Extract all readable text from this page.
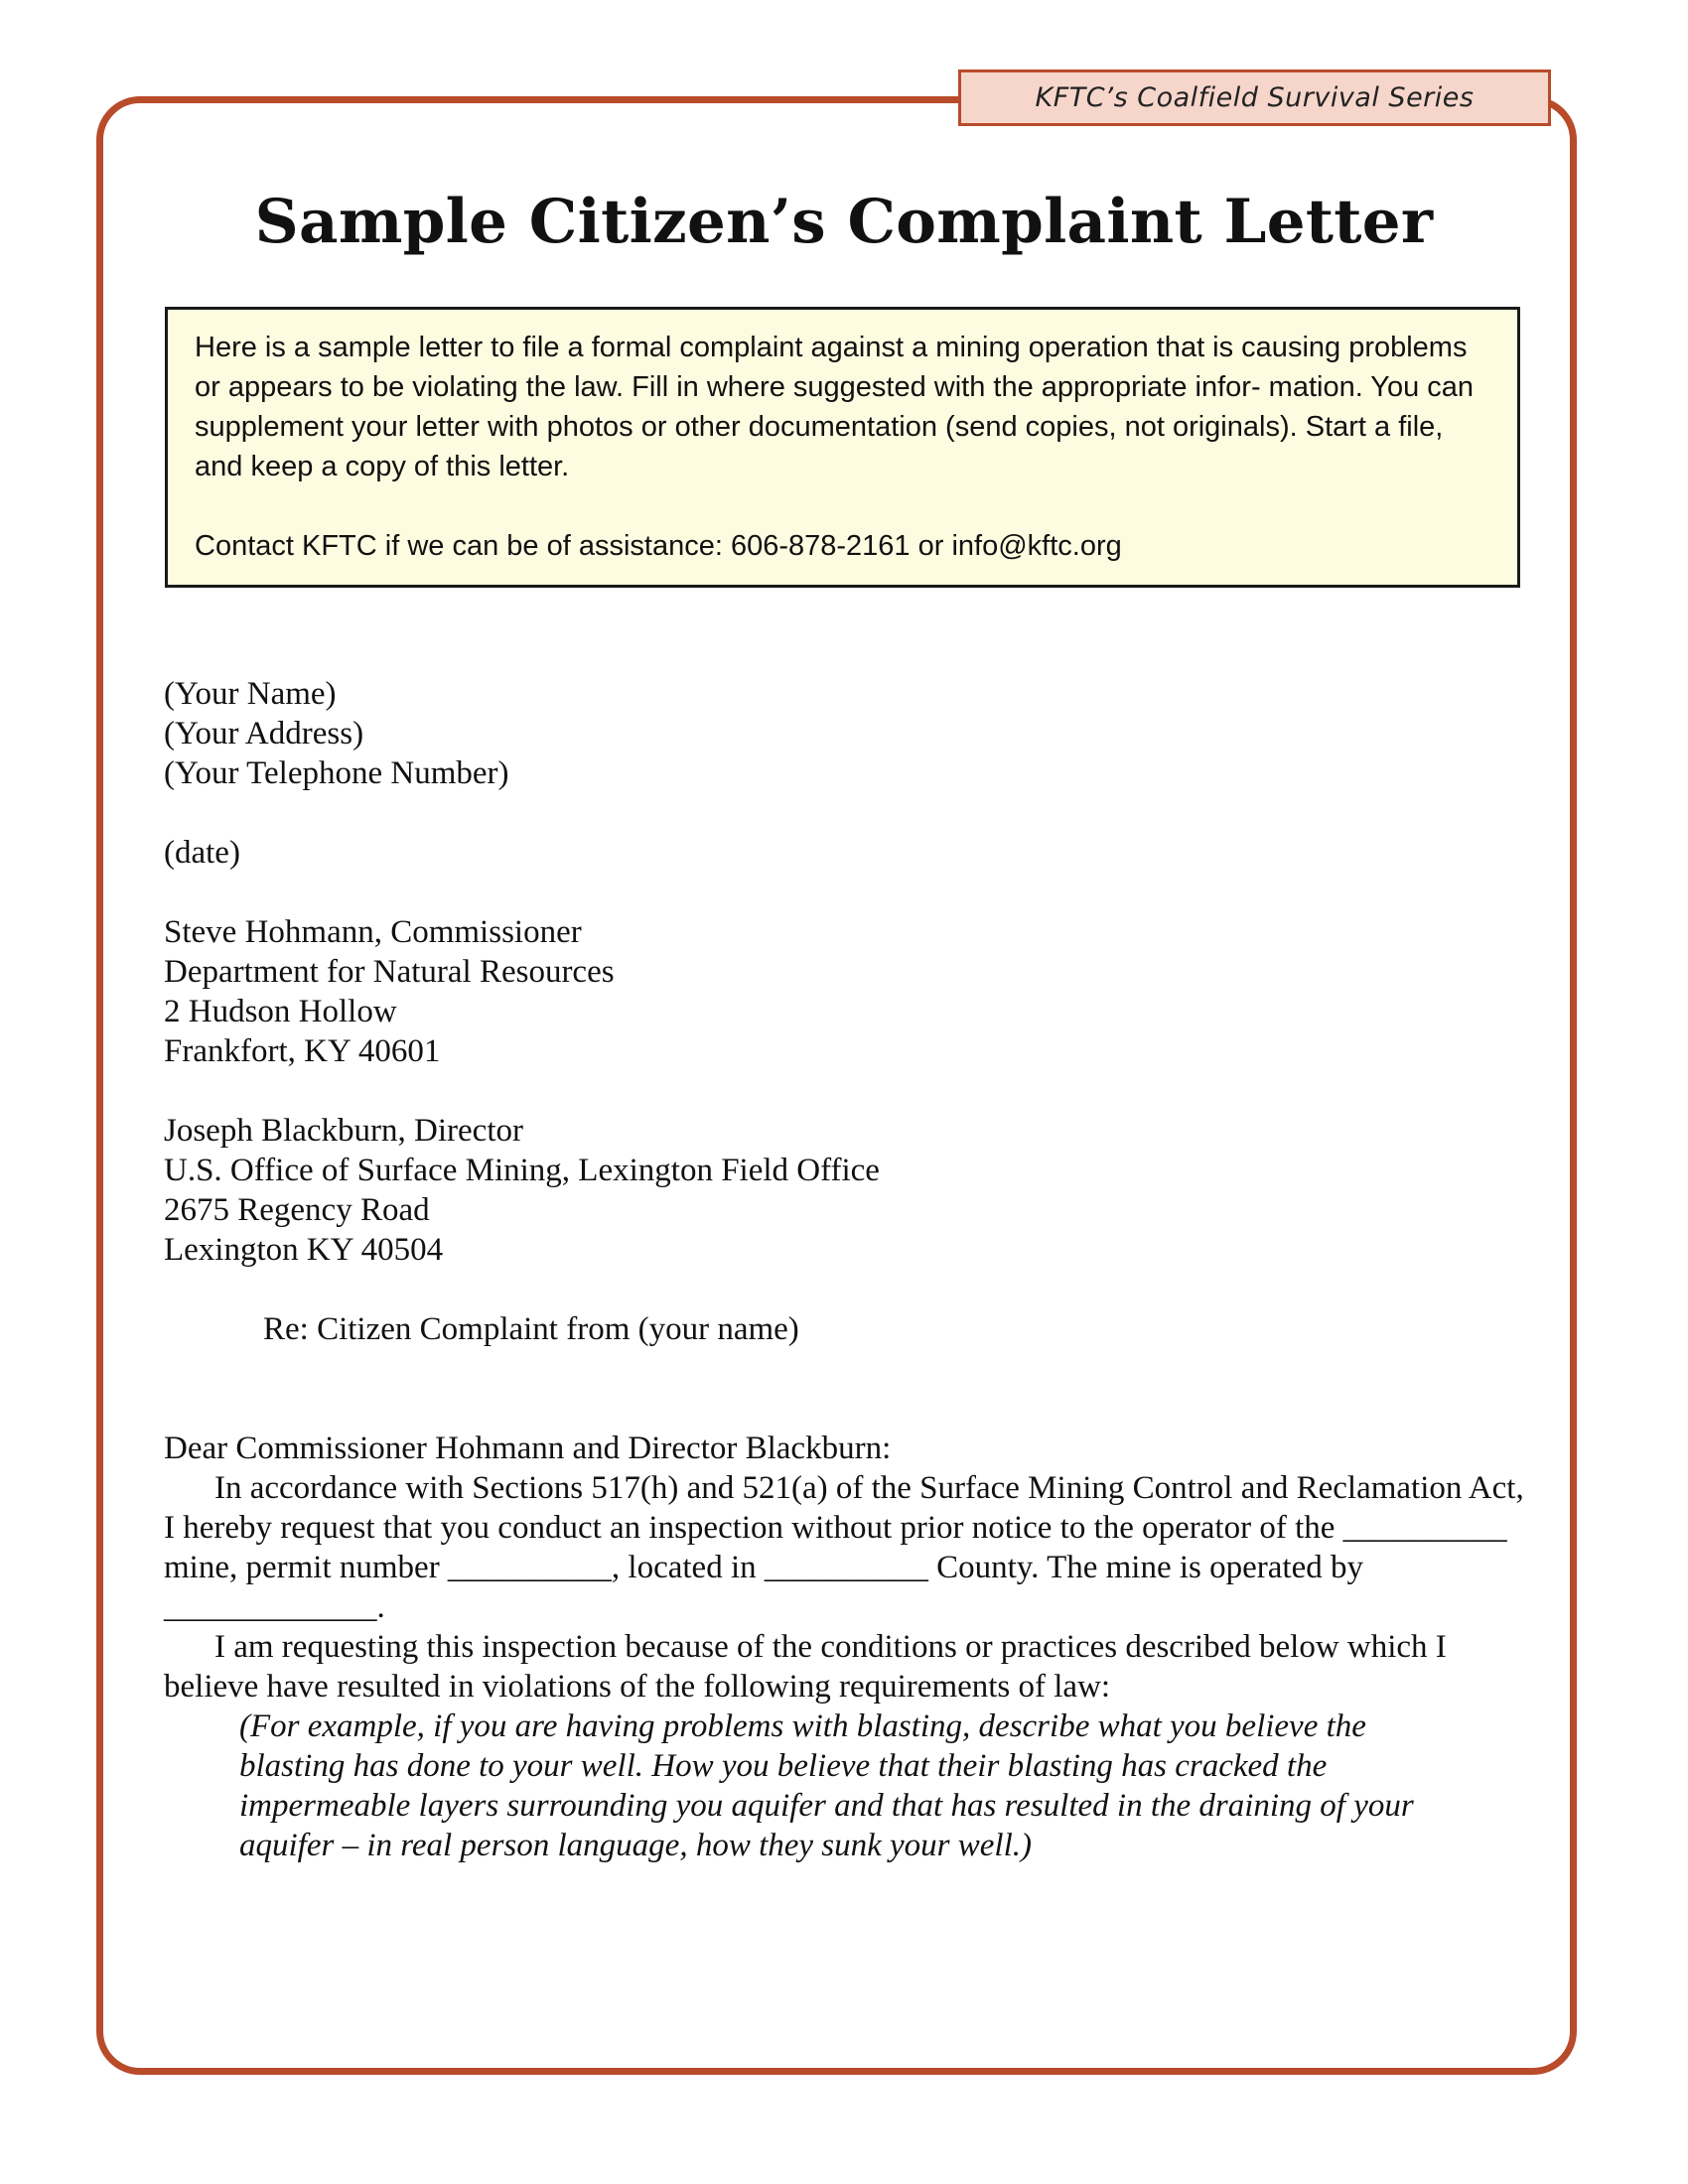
KFTC’s Coalfield Survival Series
Sample Citizen’s Complaint Letter

Here is a sample letter to file a formal complaint against a mining operation that is causing problems or appears to be violating the law. Fill in where suggested with the appropriate infor- mation. You can supplement your letter with photos or other documentation (send copies, not originals). Start a file, and keep a copy of this letter.

Contact KFTC if we can be of assistance: 606-878-2161 or info@kftc.org

(Your Name)
(Your Address)
(Your Telephone Number)
(date)
Steve Hohmann, Commissioner
Department for Natural Resources
2 Hudson Hollow
Frankfort, KY 40601
Joseph Blackburn, Director
U.S. Office of Surface Mining, Lexington Field Office
2675 Regency Road
Lexington KY 40504
Re: Citizen Complaint from (your name)

Dear Commissioner Hohmann and Director Blackburn:

In accordance with Sections 517(h) and 521(a) of the Surface Mining Control and Reclamation Act, I hereby request that you conduct an inspection without prior notice to the operator of the __________ mine, permit number __________, located in __________ County. The mine is operated by _____________.

I am requesting this inspection because of the conditions or practices described below which I believe have resulted in violations of the following requirements of law:

(For example, if you are having problems with blasting, describe what you believe the blasting has done to your well. How you believe that their blasting has cracked the impermeable layers surrounding you aquifer and that has resulted in the draining of your aquifer – in real person language, how they sunk your well.)
